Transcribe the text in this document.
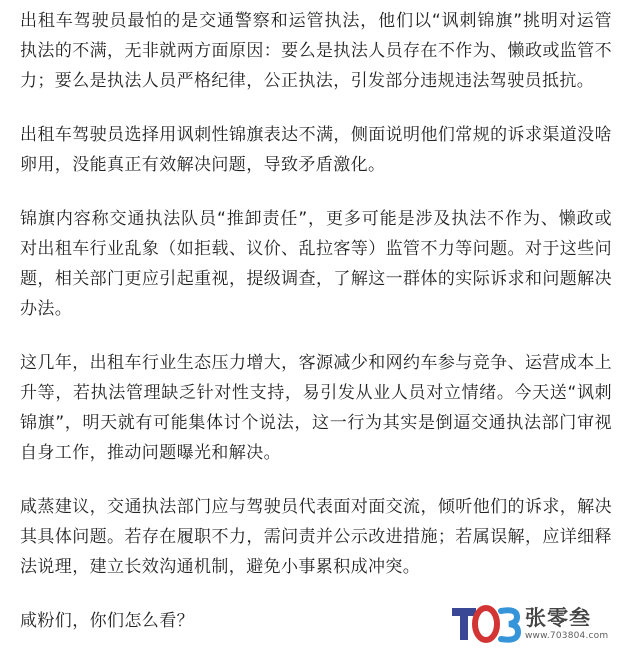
出租车驾驶员最怕的是交通警察和运管执法，他们以“讽刺锦旗”挑明对运管执法的不满，无非就两方面原因：要么是执法人员存在不作为、懒政或监管不力；要么是执法人员严格纪律，公正执法，引发部分违规违法驾驶员抵抗。

出租车驾驶员选择用讽刺性锦旗表达不满，侧面说明他们常规的诉求渠道没啥卵用，没能真正有效解决问题，导致矛盾激化。

锦旗内容称交通执法队员“推卸责任”，更多可能是涉及执法不作为、懒政或对出租车行业乱象（如拒载、议价、乱拉客等）监管不力等问题。对于这些问题，相关部门更应引起重视，提级调查，了解这一群体的实际诉求和问题解决办法。

这几年，出租车行业生态压力增大，客源减少和网约车参与竞争、运营成本上升等，若执法管理缺乏针对性支持，易引发从业人员对立情绪。今天送“讽刺锦旗”，明天就有可能集体讨个说法，这一行为其实是倒逼交通执法部门审视自身工作，推动问题曝光和解决。

咸蒸建议，交通执法部门应与驾驶员代表面对面交流，倾听他们的诉求，解决其具体问题。若存在履职不力，需问责并公示改进措施；若属误解，应详细释法说理，建立长效沟通机制，避免小事累积成冲突。

咸粉们，你们怎么看？	张零叁
www.703804.com
